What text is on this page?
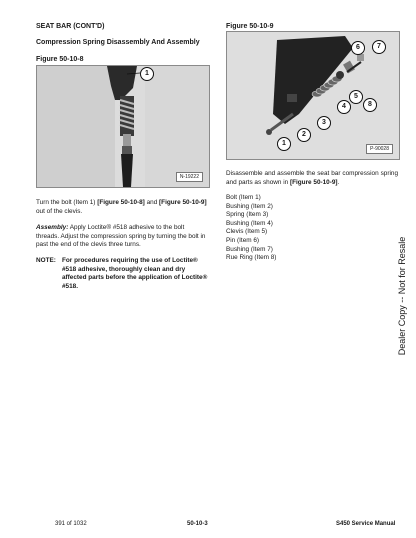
SEAT BAR (CONT'D)
Compression Spring Disassembly And Assembly
Figure 50-10-8
1
N-19222
Turn the bolt (Item 1) [Figure 50-10-8] and [Figure 50-10-9] out of the clevis.
Assembly: Apply Loctite® #518 adhesive to the bolt threads. Adjust the compression spring by turning the bolt in past the end of the clevis three turns.
NOTE: For procedures requiring the use of Loctite® #518 adhesive, thoroughly clean and dry affected parts before the application of Loctite® #518.
Figure 50-10-9
1
2
3
4
5
6	7
8
P-90028
Disassemble and assemble the seat bar compression spring and parts as shown in [Figure 50-10-9].
Bolt (Item 1)
Bushing (Item 2)
Spring (Item 3)
Bushing (Item 4)
Clevis (Item 5)
Pin (Item 6)
Bushing (Item 7)
Rue Ring (Item 8)	Dealer Copy -- Not for Resale
391 of 1032	50-10-3	S450 Service Manual
